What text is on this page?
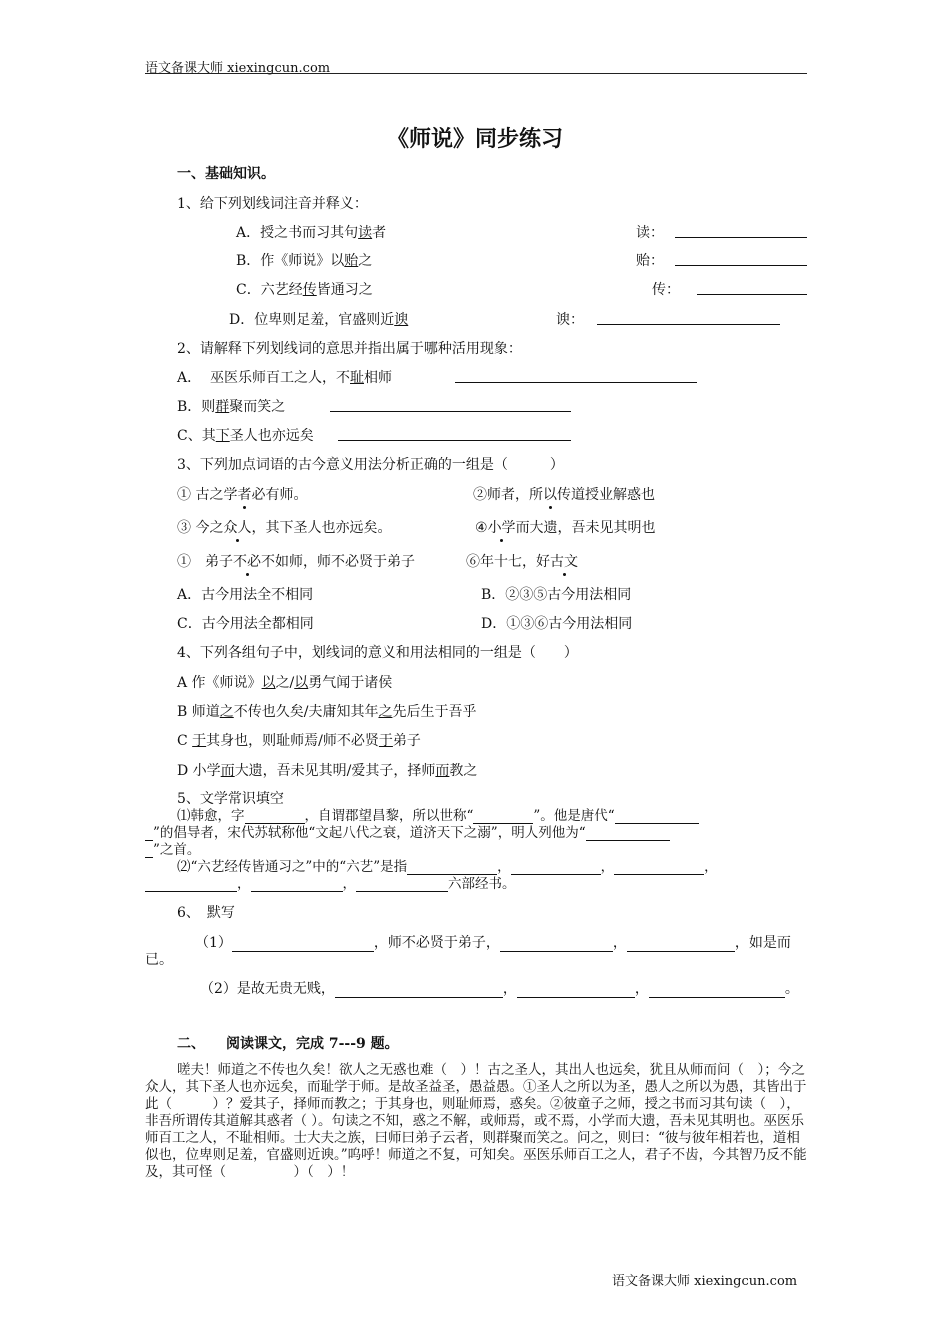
语文备课大师 xiexingcun.com
《师说》同步练习
一、基础知识。
1、给下列划线词注音并释义：
A．授之书而习其句读者	读：
B．作《师说》以贻之	贻：
C．六艺经传皆通习之	传：
D．位卑则足羞，官盛则近谀	谀：
2、请解释下列划线词的意思并指出属于哪种活用现象：
A．  巫医乐师百工之人，不耻相师
B．则群聚而笑之
C、其下圣人也亦远矣
3、下列加点词语的古今意义用法分析正确的一组是（　　　）
① 古之学者必有师。	②师者，所以传道授业解惑也
③ 今之众人，其下圣人也亦远矣。	④小学而大遗，吾未见其明也
①　弟子不必不如师，师不必贤于弟子	⑥年十七，好古文
A．古今用法全不相同	B．②③⑤古今用法相同
C．古今用法全都相同	D．①③⑥古今用法相同
4、下列各组句子中，划线词的意义和用法相同的一组是（　　）
A 作《师说》以之/以勇气闻于诸侯
B 师道之不传也久矣/夫庸知其年之先后生于吾乎
C 于其身也，则耻师焉/师不必贤于弟子
D 小学而大遗，吾未见其明/爱其子，择师而教之
5、文学常识填空
⑴韩愈，字	，自谓郡望昌黎，所以世称“	”。他是唐代“
”的倡导者，宋代苏轼称他“文起八代之衰，道济天下之溺”，明人列他为“
”之首。
⑵“六艺经传皆通习之”中的“六艺”是指	，	，	，
，	，	六部经书。
6、　默写
（1）	，师不必贤于弟子，	，	，如是而
已。
（2）是故无贵无贱，	，	，	。
二、　　阅读课文，完成 7---9 题。
嗟夫！师道之不传也久矣！欲人之无惑也难（　）！古之圣人，其出人也远矣，犹且从师而问（　）；今之众人，其下圣人也亦远矣，而耻学于师。是故圣益圣，愚益愚。①圣人之所以为圣，愚人之所以为愚，其皆出于此（　　　）？爱其子，择师而教之；于其身也，则耻师焉，惑矣。②彼童子之师，授之书而习其句读（　），非吾所谓传其道解其惑者（ ）。句读之不知，惑之不解，或师焉，或不焉，小学而大遗，吾未见其明也。巫医乐师百工之人，不耻相师。士大夫之族，曰师曰弟子云者，则群聚而笑之。问之，则曰：“彼与彼年相若也，道相似也，位卑则足羞，官盛则近谀。”呜呼！师道之不复，可知矣。巫医乐师百工之人，君子不齿，今其智乃反不能及，其可怪（　　　　　）（　）！
语文备课大师 xiexingcun.com
